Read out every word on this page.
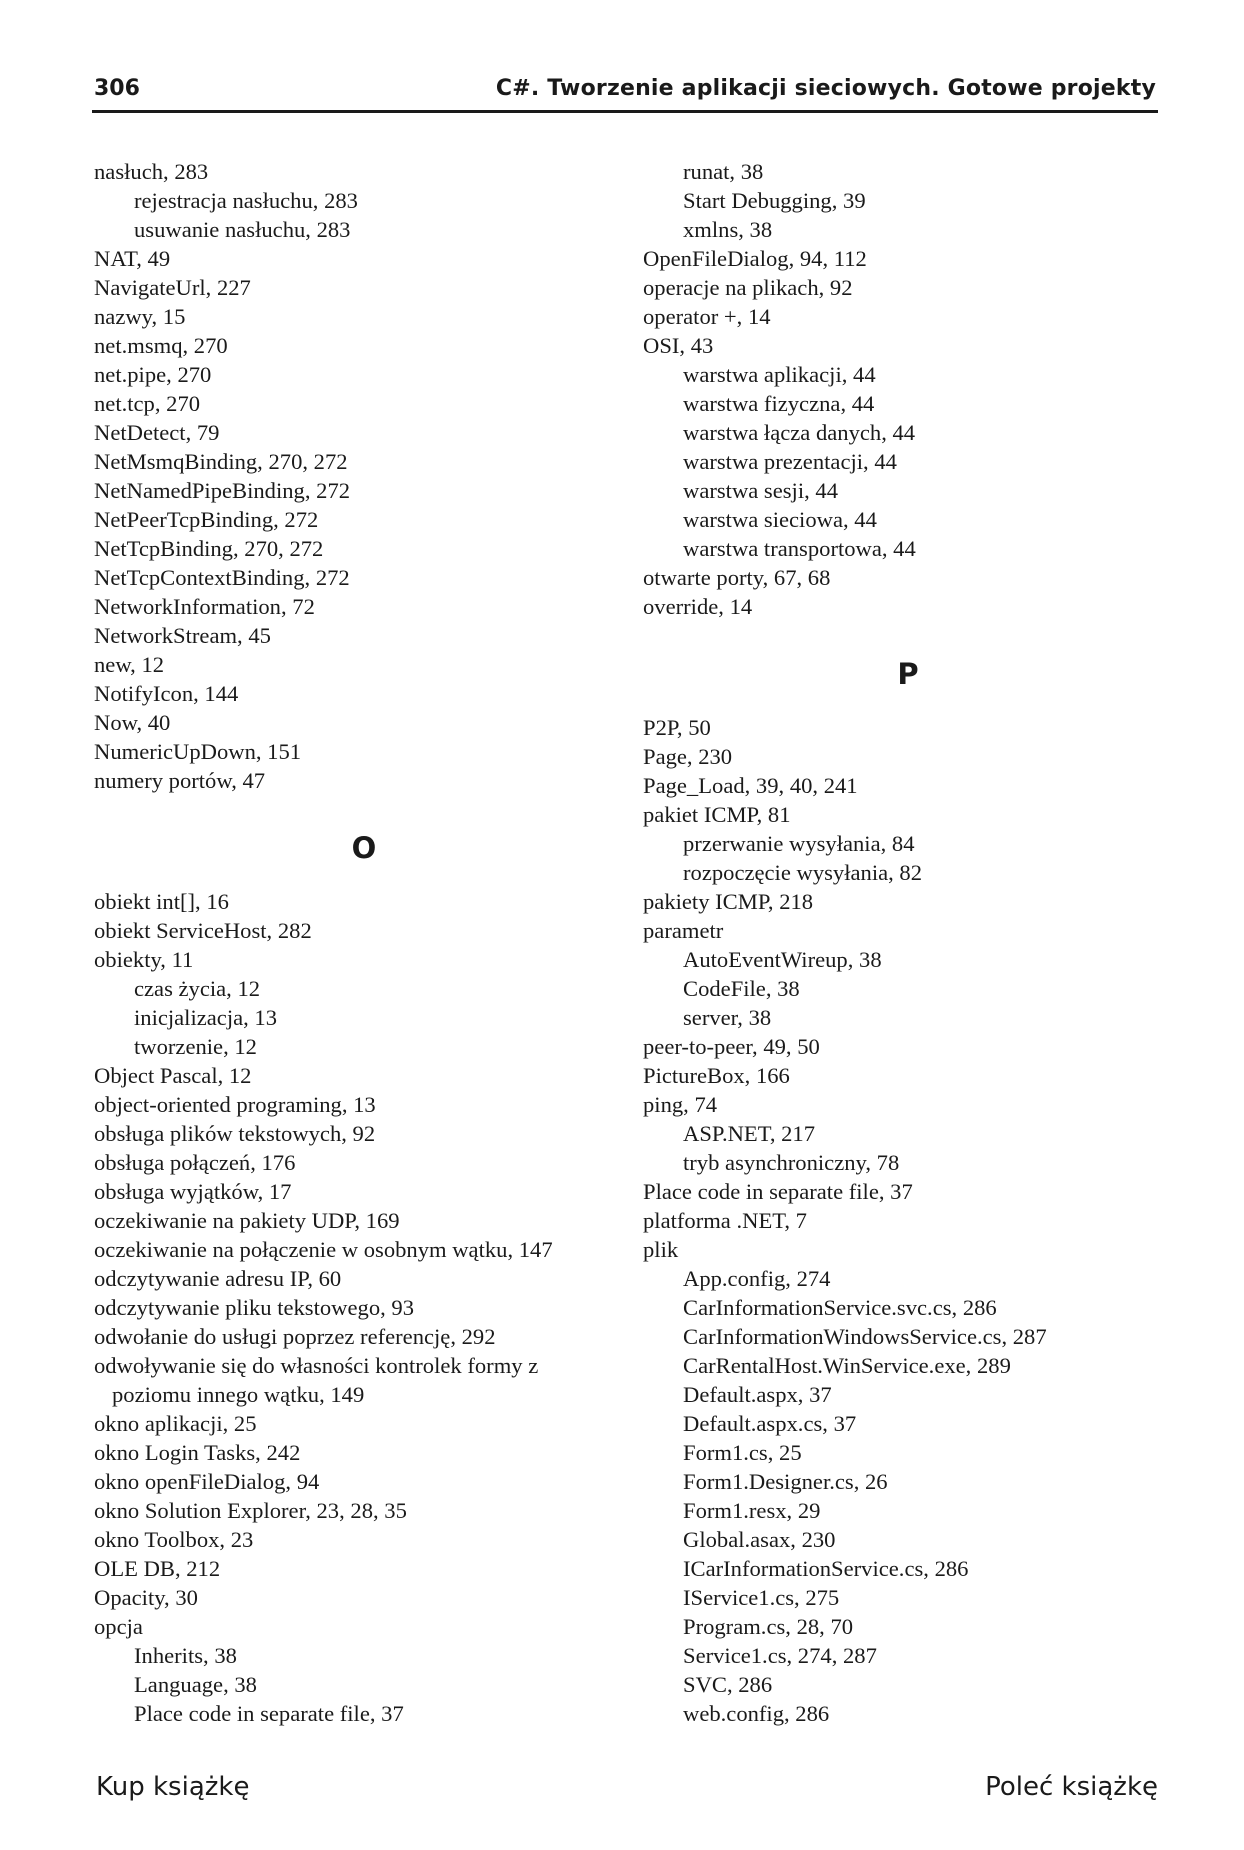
306	C#. Tworzenie aplikacji sieciowych. Gotowe projekty
nasłuch, 283
rejestracja nasłuchu, 283
usuwanie nasłuchu, 283
NAT, 49
NavigateUrl, 227
nazwy, 15
net.msmq, 270
net.pipe, 270
net.tcp, 270
NetDetect, 79
NetMsmqBinding, 270, 272
NetNamedPipeBinding, 272
NetPeerTcpBinding, 272
NetTcpBinding, 270, 272
NetTcpContextBinding, 272
NetworkInformation, 72
NetworkStream, 45
new, 12
NotifyIcon, 144
Now, 40
NumericUpDown, 151
numery portów, 47
O
obiekt int[], 16
obiekt ServiceHost, 282
obiekty, 11
czas życia, 12
inicjalizacja, 13
tworzenie, 12
Object Pascal, 12
object-oriented programing, 13
obsługa plików tekstowych, 92
obsługa połączeń, 176
obsługa wyjątków, 17
oczekiwanie na pakiety UDP, 169
oczekiwanie na połączenie w osobnym wątku, 147
odczytywanie adresu IP, 60
odczytywanie pliku tekstowego, 93
odwołanie do usługi poprzez referencję, 292
odwoływanie się do własności kontrolek formy z
poziomu innego wątku, 149
okno aplikacji, 25
okno Login Tasks, 242
okno openFileDialog, 94
okno Solution Explorer, 23, 28, 35
okno Toolbox, 23
OLE DB, 212
Opacity, 30
opcja
Inherits, 38
Language, 38
Place code in separate file, 37
runat, 38
Start Debugging, 39
xmlns, 38
OpenFileDialog, 94, 112
operacje na plikach, 92
operator +, 14
OSI, 43
warstwa aplikacji, 44
warstwa fizyczna, 44
warstwa łącza danych, 44
warstwa prezentacji, 44
warstwa sesji, 44
warstwa sieciowa, 44
warstwa transportowa, 44
otwarte porty, 67, 68
override, 14
P
P2P, 50
Page, 230
Page_Load, 39, 40, 241
pakiet ICMP, 81
przerwanie wysyłania, 84
rozpoczęcie wysyłania, 82
pakiety ICMP, 218
parametr
AutoEventWireup, 38
CodeFile, 38
server, 38
peer-to-peer, 49, 50
PictureBox, 166
ping, 74
ASP.NET, 217
tryb asynchroniczny, 78
Place code in separate file, 37
platforma .NET, 7
plik
App.config, 274
CarInformationService.svc.cs, 286
CarInformationWindowsService.cs, 287
CarRentalHost.WinService.exe, 289
Default.aspx, 37
Default.aspx.cs, 37
Form1.cs, 25
Form1.Designer.cs, 26
Form1.resx, 29
Global.asax, 230
ICarInformationService.cs, 286
IService1.cs, 275
Program.cs, 28, 70
Service1.cs, 274, 287
SVC, 286
web.config, 286
Kup książkę	Poleć książkę
